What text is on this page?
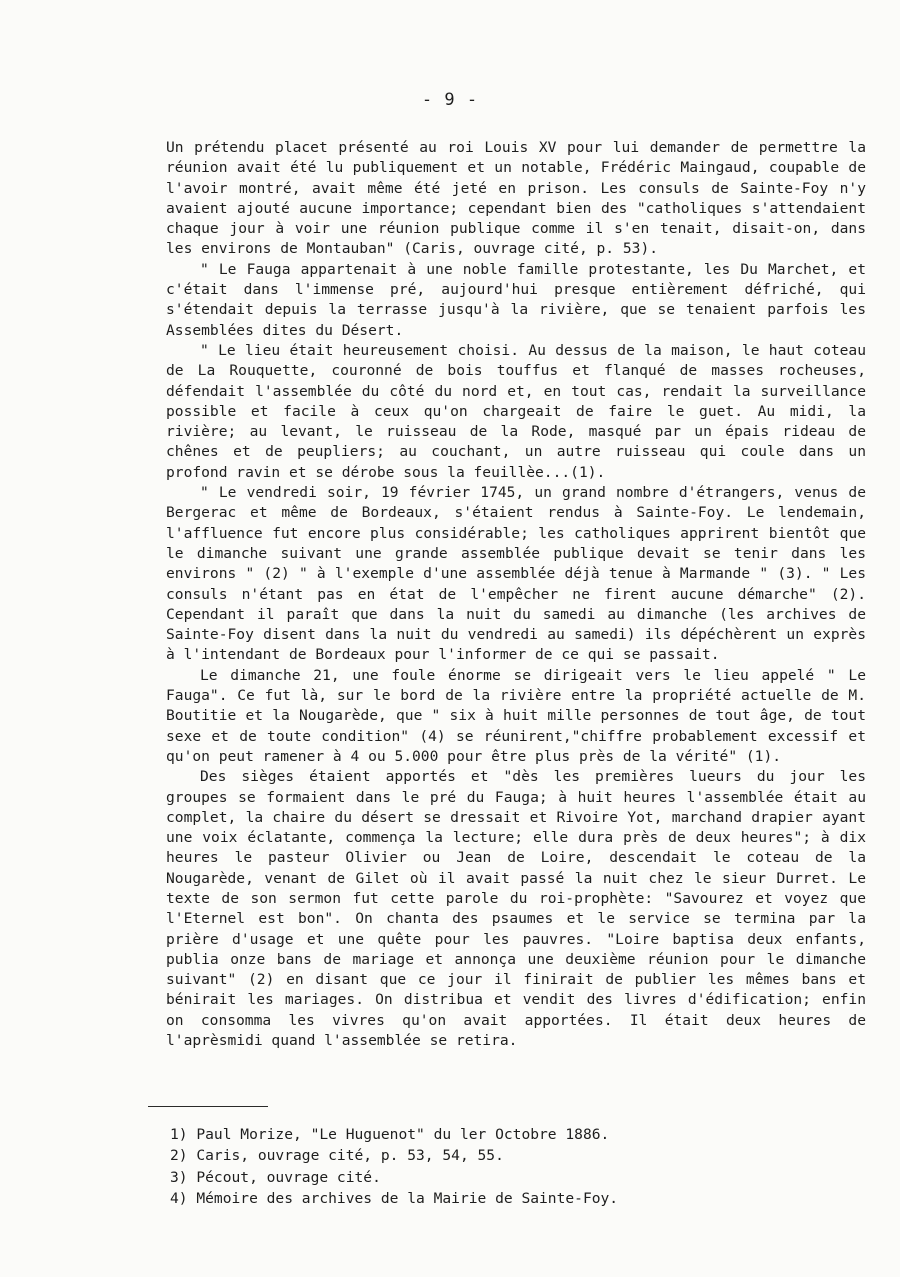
- 9 -

Un prétendu placet présenté au roi Louis XV pour lui demander de permettre la réunion avait été lu publiquement et un notable, Frédéric Maingaud, coupable de l'avoir montré, avait même été jeté en prison. Les consuls de Sainte-Foy n'y avaient ajouté aucune importance; cependant bien des "catholiques s'attendaient chaque jour à voir une réunion publique comme il s'en tenait, disait-on, dans les environs de Montauban" (Caris, ouvrage cité, p. 53).

" Le Fauga appartenait à une noble famille protestante, les Du Marchet, et c'était dans l'immense pré, aujourd'hui presque entièrement défriché, qui s'étendait depuis la terrasse jusqu'à la rivière, que se tenaient parfois les Assemblées dites du Désert.

" Le lieu était heureusement choisi. Au dessus de la maison, le haut coteau de La Rouquette, couronné de bois touffus et flanqué de masses rocheuses, défendait l'assemblée du côté du nord et, en tout cas, rendait la surveillance possible et facile à ceux qu'on chargeait de faire le guet. Au midi, la rivière; au levant, le ruisseau de la Rode, masqué par un épais rideau de chênes et de peupliers; au couchant, un autre ruisseau qui coule dans un profond ravin et se dérobe sous la feuillèe...(1).

" Le vendredi soir, 19 février 1745, un grand nombre d'étrangers, venus de Bergerac et même de Bordeaux, s'étaient rendus à Sainte-Foy. Le lendemain, l'affluence fut encore plus considérable; les catholiques apprirent bientôt que le dimanche suivant une grande assemblée publique devait se tenir dans les environs " (2) " à l'exemple d'une assemblée déjà tenue à Marmande " (3). " Les consuls n'étant pas en état de l'empêcher ne firent aucune démarche" (2). Cependant il paraît que dans la nuit du samedi au dimanche (les archives de Sainte-Foy disent dans la nuit du vendredi au samedi) ils dépéchèrent un exprès à l'intendant de Bordeaux pour l'informer de ce qui se passait.

Le dimanche 21, une foule énorme se dirigeait vers le lieu appelé " Le Fauga". Ce fut là, sur le bord de la rivière entre la propriété actuelle de M. Boutitie et la Nougarède, que " six à huit mille personnes de tout âge, de tout sexe et de toute condition" (4) se réunirent,"chiffre probablement excessif et qu'on peut ramener à 4 ou 5.000 pour être plus près de la vérité" (1).

Des sièges étaient apportés et "dès les premières lueurs du jour les groupes se formaient dans le pré du Fauga; à huit heures l'assemblée était au complet, la chaire du désert se dressait et Rivoire Yot, marchand drapier ayant une voix éclatante, commença la lecture; elle dura près de deux heures"; à dix heures le pasteur Olivier ou Jean de Loire, descendait le coteau de la Nougarède, venant de Gilet où il avait passé la nuit chez le sieur Durret. Le texte de son sermon fut cette parole du roi-prophète: "Savourez et voyez que l'Eternel est bon". On chanta des psaumes et le service se termina par la prière d'usage et une quête pour les pauvres. "Loire baptisa deux enfants, publia onze bans de mariage et annonça une deuxième réunion pour le dimanche suivant" (2) en disant que ce jour il finirait de publier les mêmes bans et bénirait les mariages. On distribua et vendit des livres d'édification; enfin on consomma les vivres qu'on avait apportées. Il était deux heures de l'aprèsmidi quand l'assemblée se retira.

1) Paul Morize, "Le Huguenot" du ler Octobre 1886.

2) Caris, ouvrage cité, p. 53, 54, 55.

3) Pécout, ouvrage cité.

4) Mémoire des archives de la Mairie de Sainte-Foy.
